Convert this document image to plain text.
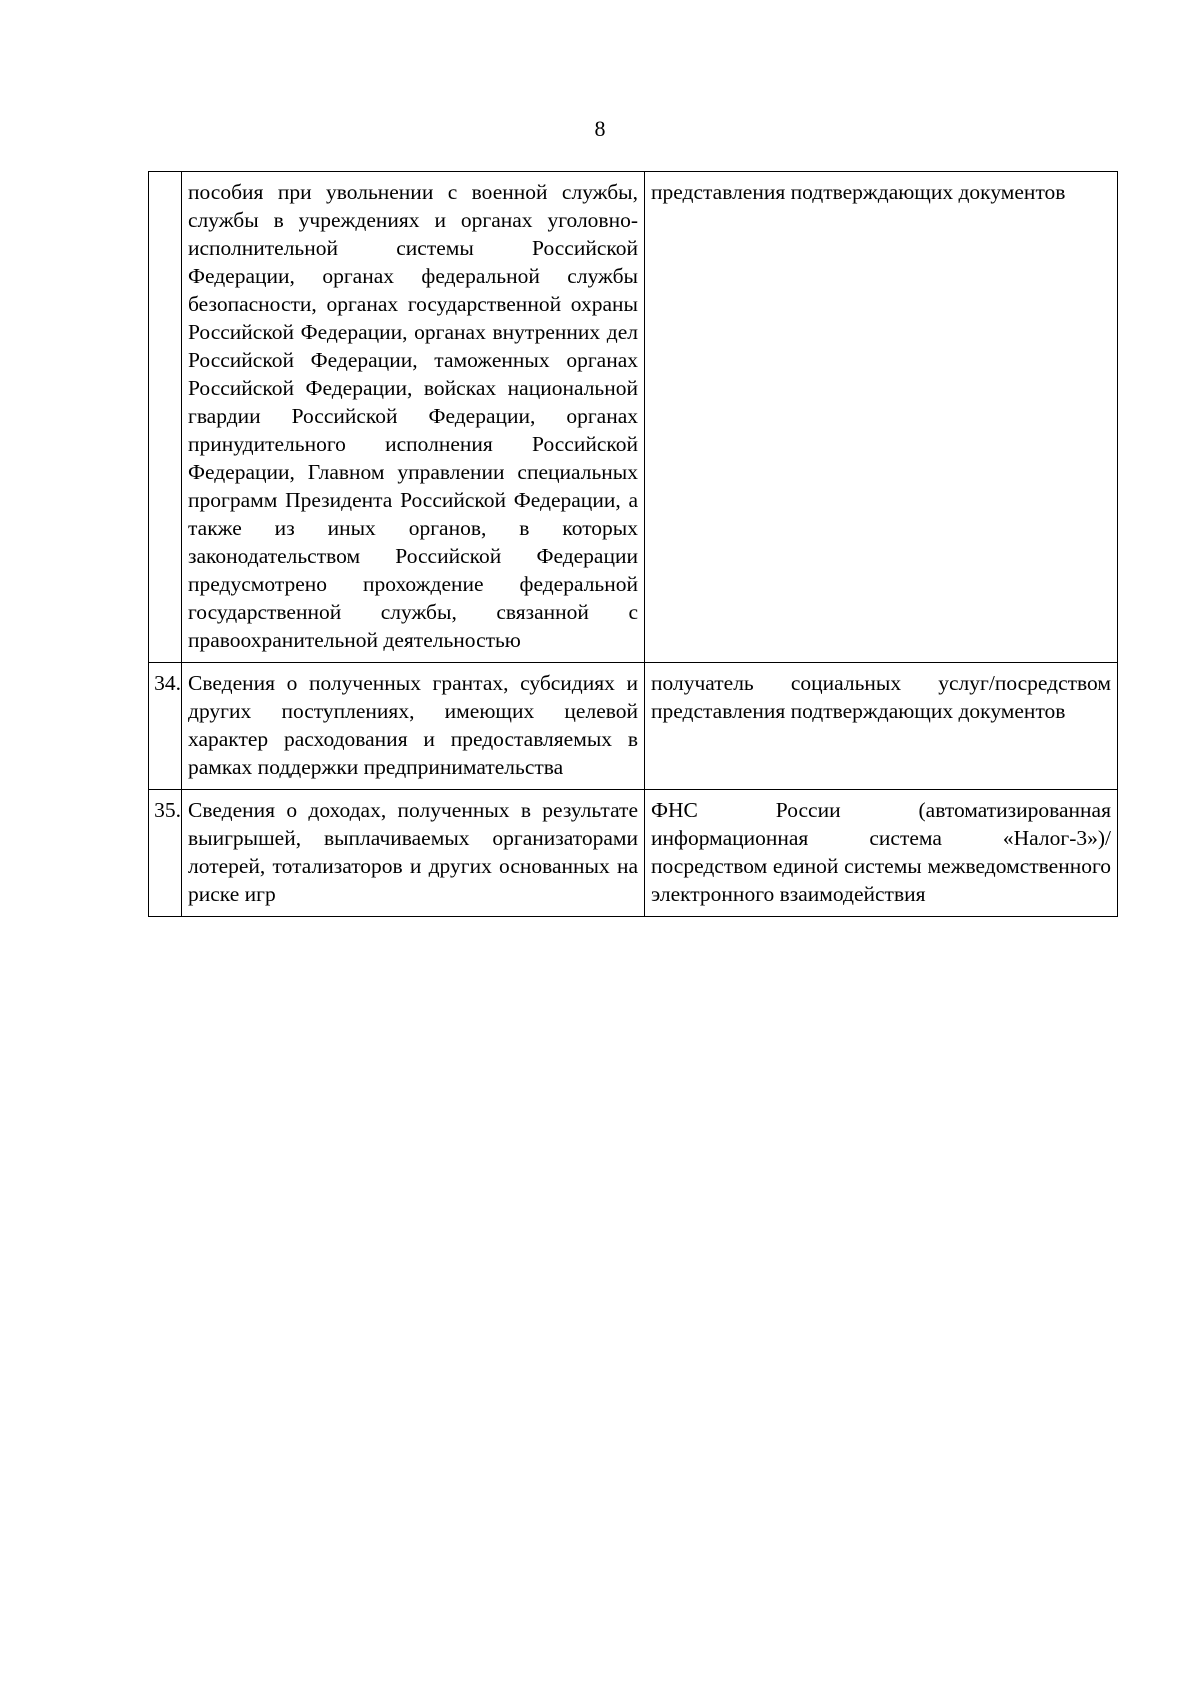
8

	пособия при увольнении с военной службы, службы в учреждениях и органах уголовно-исполнительной системы Российской Федерации, органах федеральной службы безопасности, органах государственной охраны Российской Федерации, органах внутренних дел Российской Федерации, таможенных органах Российской Федерации, войсках национальной гвардии Российской Федерации, органах принудительного исполнения Российской Федерации, Главном управлении специальных программ Президента Российской Федерации, а также из иных органов, в которых законодательством Российской Федерации предусмотрено прохождение федеральной государственной службы, связанной с правоохранительной деятельностью	представления подтверждающих документов

34.	Сведения о полученных грантах, субсидиях и других поступлениях, имеющих целевой характер расходования и предоставляемых в рамках поддержки предпринимательства	получатель социальных услуг/посредством представления подтверждающих документов

35.	Сведения о доходах, полученных в результате выигрышей, выплачиваемых организаторами лотерей, тотализаторов и других основанных на риске игр	ФНС России (автоматизированная информационная система «Налог-3»)/посредством единой системы межведомственного электронного взаимодействия
